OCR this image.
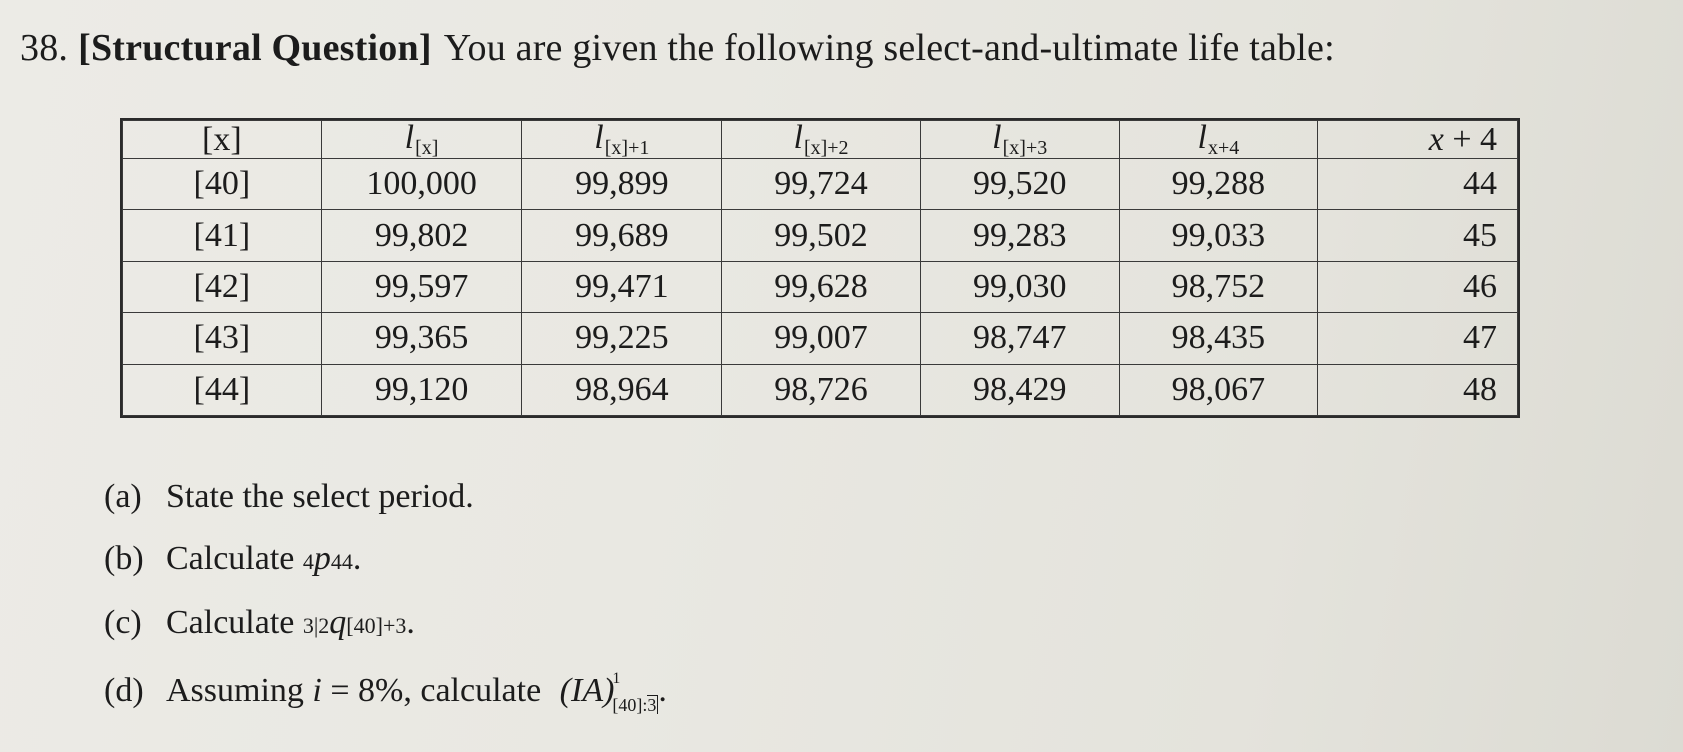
38. [Structural Question] You are given the following select-and-ultimate life table:
[x]	$l_{[x]}$	$l_{[x]+1}$	$l_{[x]+2}$	$l_{[x]+3}$	$l_{x+4}$	x + 4
[40]	100,000	99,899	99,724	99,520	99,288	44
[41]	99,802	99,689	99,502	99,283	99,033	45
[42]	99,597	99,471	99,628	99,030	98,752	46
[43]	99,365	99,225	99,007	98,747	98,435	47
[44]	99,120	98,964	98,726	98,429	98,067	48
(a) State the select period.
(b) Calculate 4p44.
(c) Calculate 3|2q[40]+3.
(d) Assuming i = 8%, calculate (IA)$^1_{[40]:3}$.
